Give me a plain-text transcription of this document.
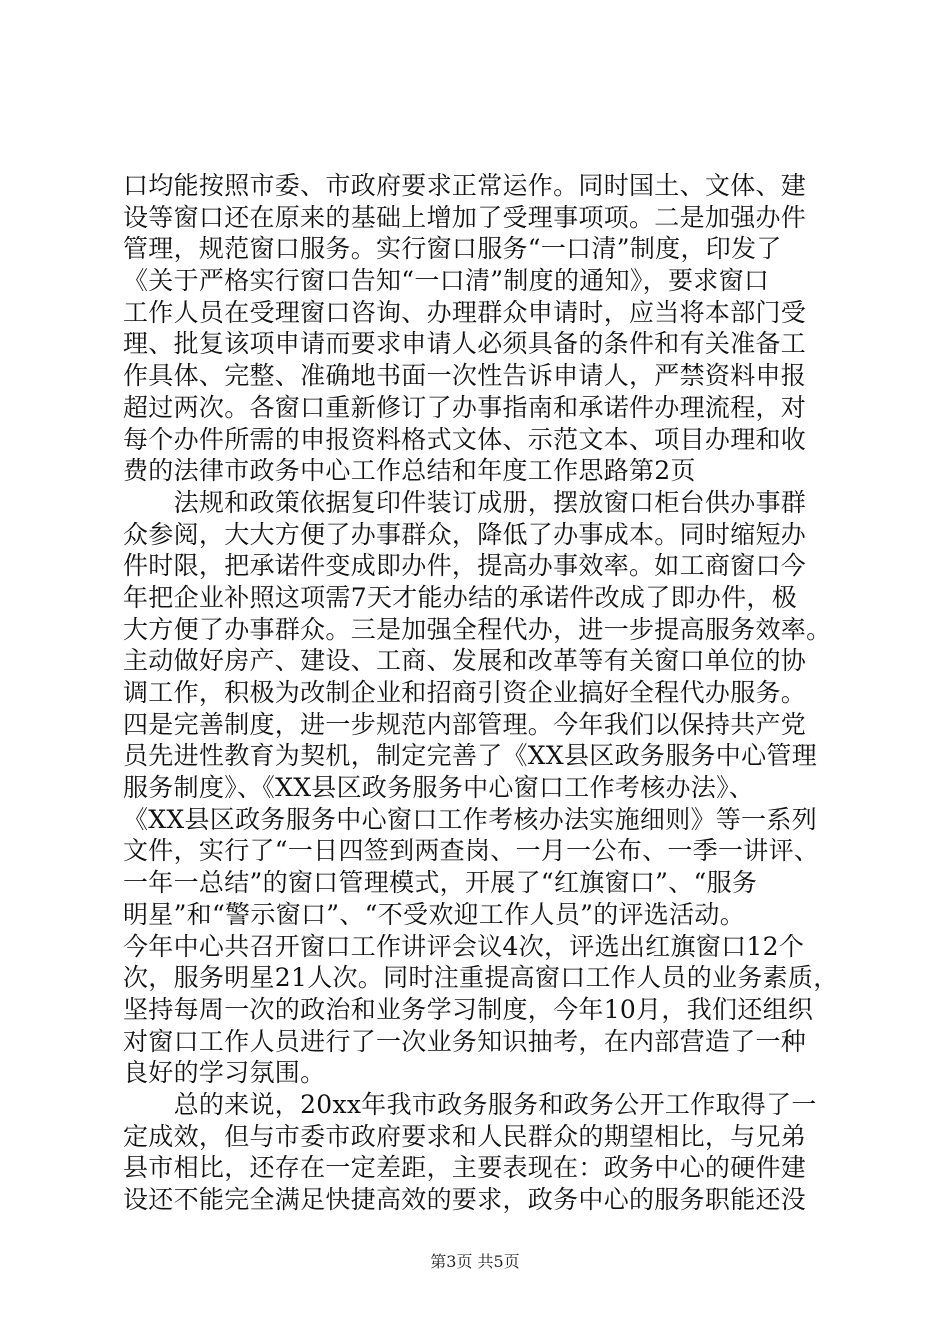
口均能按照市委、市政府要求正常运作。同时国土、文体、建
设等窗口还在原来的基础上增加了受理事项项。二是加强办件
管理，规范窗口服务。实行窗口服务“一口清”制度，印发了
《关于严格实行窗口告知“一口清”制度的通知》，要求窗口
工作人员在受理窗口咨询、办理群众申请时，应当将本部门受
理、批复该项申请而要求申请人必须具备的条件和有关准备工
作具体、完整、准确地书面一次性告诉申请人，严禁资料申报
超过两次。各窗口重新修订了办事指南和承诺件办理流程，对
每个办件所需的申报资料格式文体、示范文本、项目办理和收
费的法律市政务中心工作总结和年度工作思路第2页
　　法规和政策依据复印件装订成册，摆放窗口柜台供办事群
众参阅，大大方便了办事群众，降低了办事成本。同时缩短办
件时限，把承诺件变成即办件，提高办事效率。如工商窗口今
年把企业补照这项需7天才能办结的承诺件改成了即办件，极
大方便了办事群众。三是加强全程代办，进一步提高服务效率。
主动做好房产、建设、工商、发展和改革等有关窗口单位的协
调工作，积极为改制企业和招商引资企业搞好全程代办服务。
四是完善制度，进一步规范内部管理。今年我们以保持共产党
员先进性教育为契机，制定完善了《XX县区政务服务中心管理
服务制度》、《XX县区政务服务中心窗口工作考核办法》、
《XX县区政务服务中心窗口工作考核办法实施细则》等一系列
文件，实行了“一日四签到两查岗、一月一公布、一季一讲评、
一年一总结”的窗口管理模式，开展了“红旗窗口”、“服务
明星”和“警示窗口”、“不受欢迎工作人员”的评选活动。
今年中心共召开窗口工作讲评会议4次，评选出红旗窗口12个
次，服务明星21人次。同时注重提高窗口工作人员的业务素质，
坚持每周一次的政治和业务学习制度，今年10月，我们还组织
对窗口工作人员进行了一次业务知识抽考，在内部营造了一种
良好的学习氛围。
　　总的来说，20xx年我市政务服务和政务公开工作取得了一
定成效，但与市委市政府要求和人民群众的期望相比，与兄弟
县市相比，还存在一定差距，主要表现在：政务中心的硬件建
设还不能完全满足快捷高效的要求，政务中心的服务职能还没
第3页 共5页
